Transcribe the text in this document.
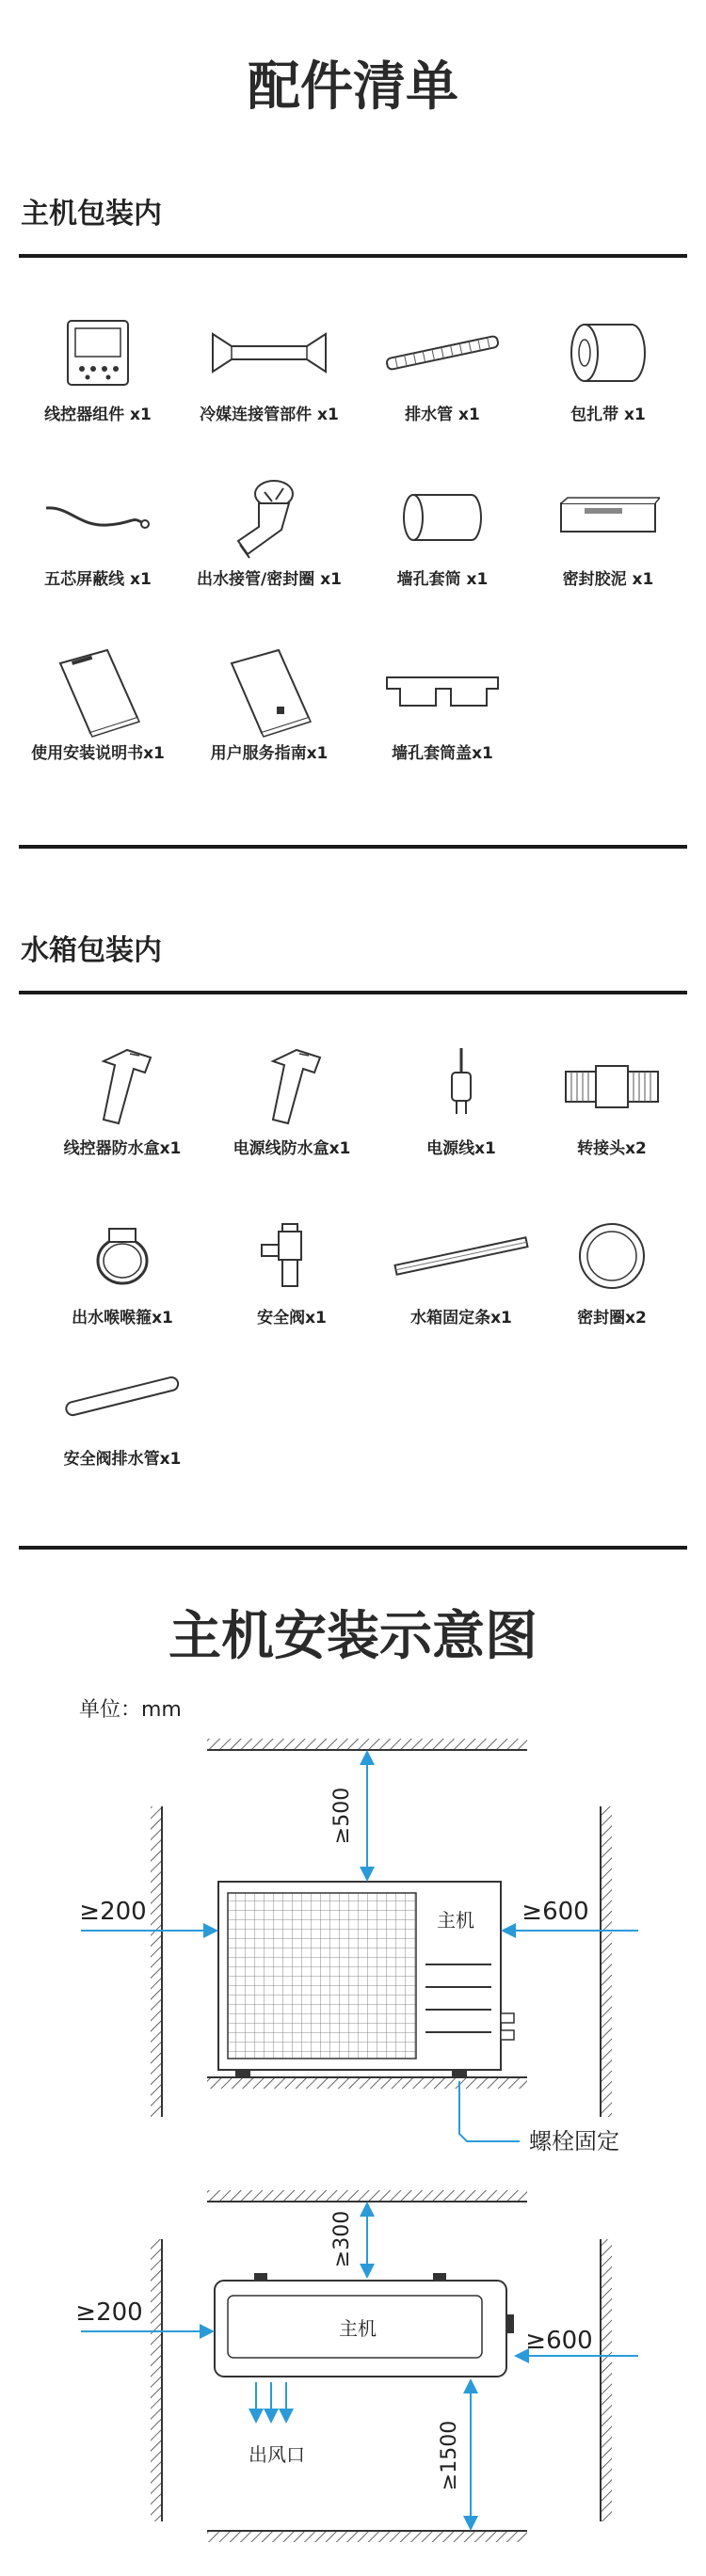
配件清单
主机包装内
线控器组件 x1	冷媒连接管部件 x1	排水管 x1	包扎带 x1
五芯屏蔽线 x1	出水接管/密封圈 x1	墙孔套筒 x1	密封胶泥 x1
使用安装说明书x1	用户服务指南x1	墙孔套筒盖x1
水箱包装内
线控器防水盒x1	电源线防水盒x1	电源线x1	转接头x2
出水喉喉箍x1	安全阀x1	水箱固定条x1	密封圈x2
安全阀排水管x1
主机安装示意图
单位：mm
主机
≥500
≥200	≥600
螺栓固定
主机
≥300
≥200
≥600
≥1500
出风口
